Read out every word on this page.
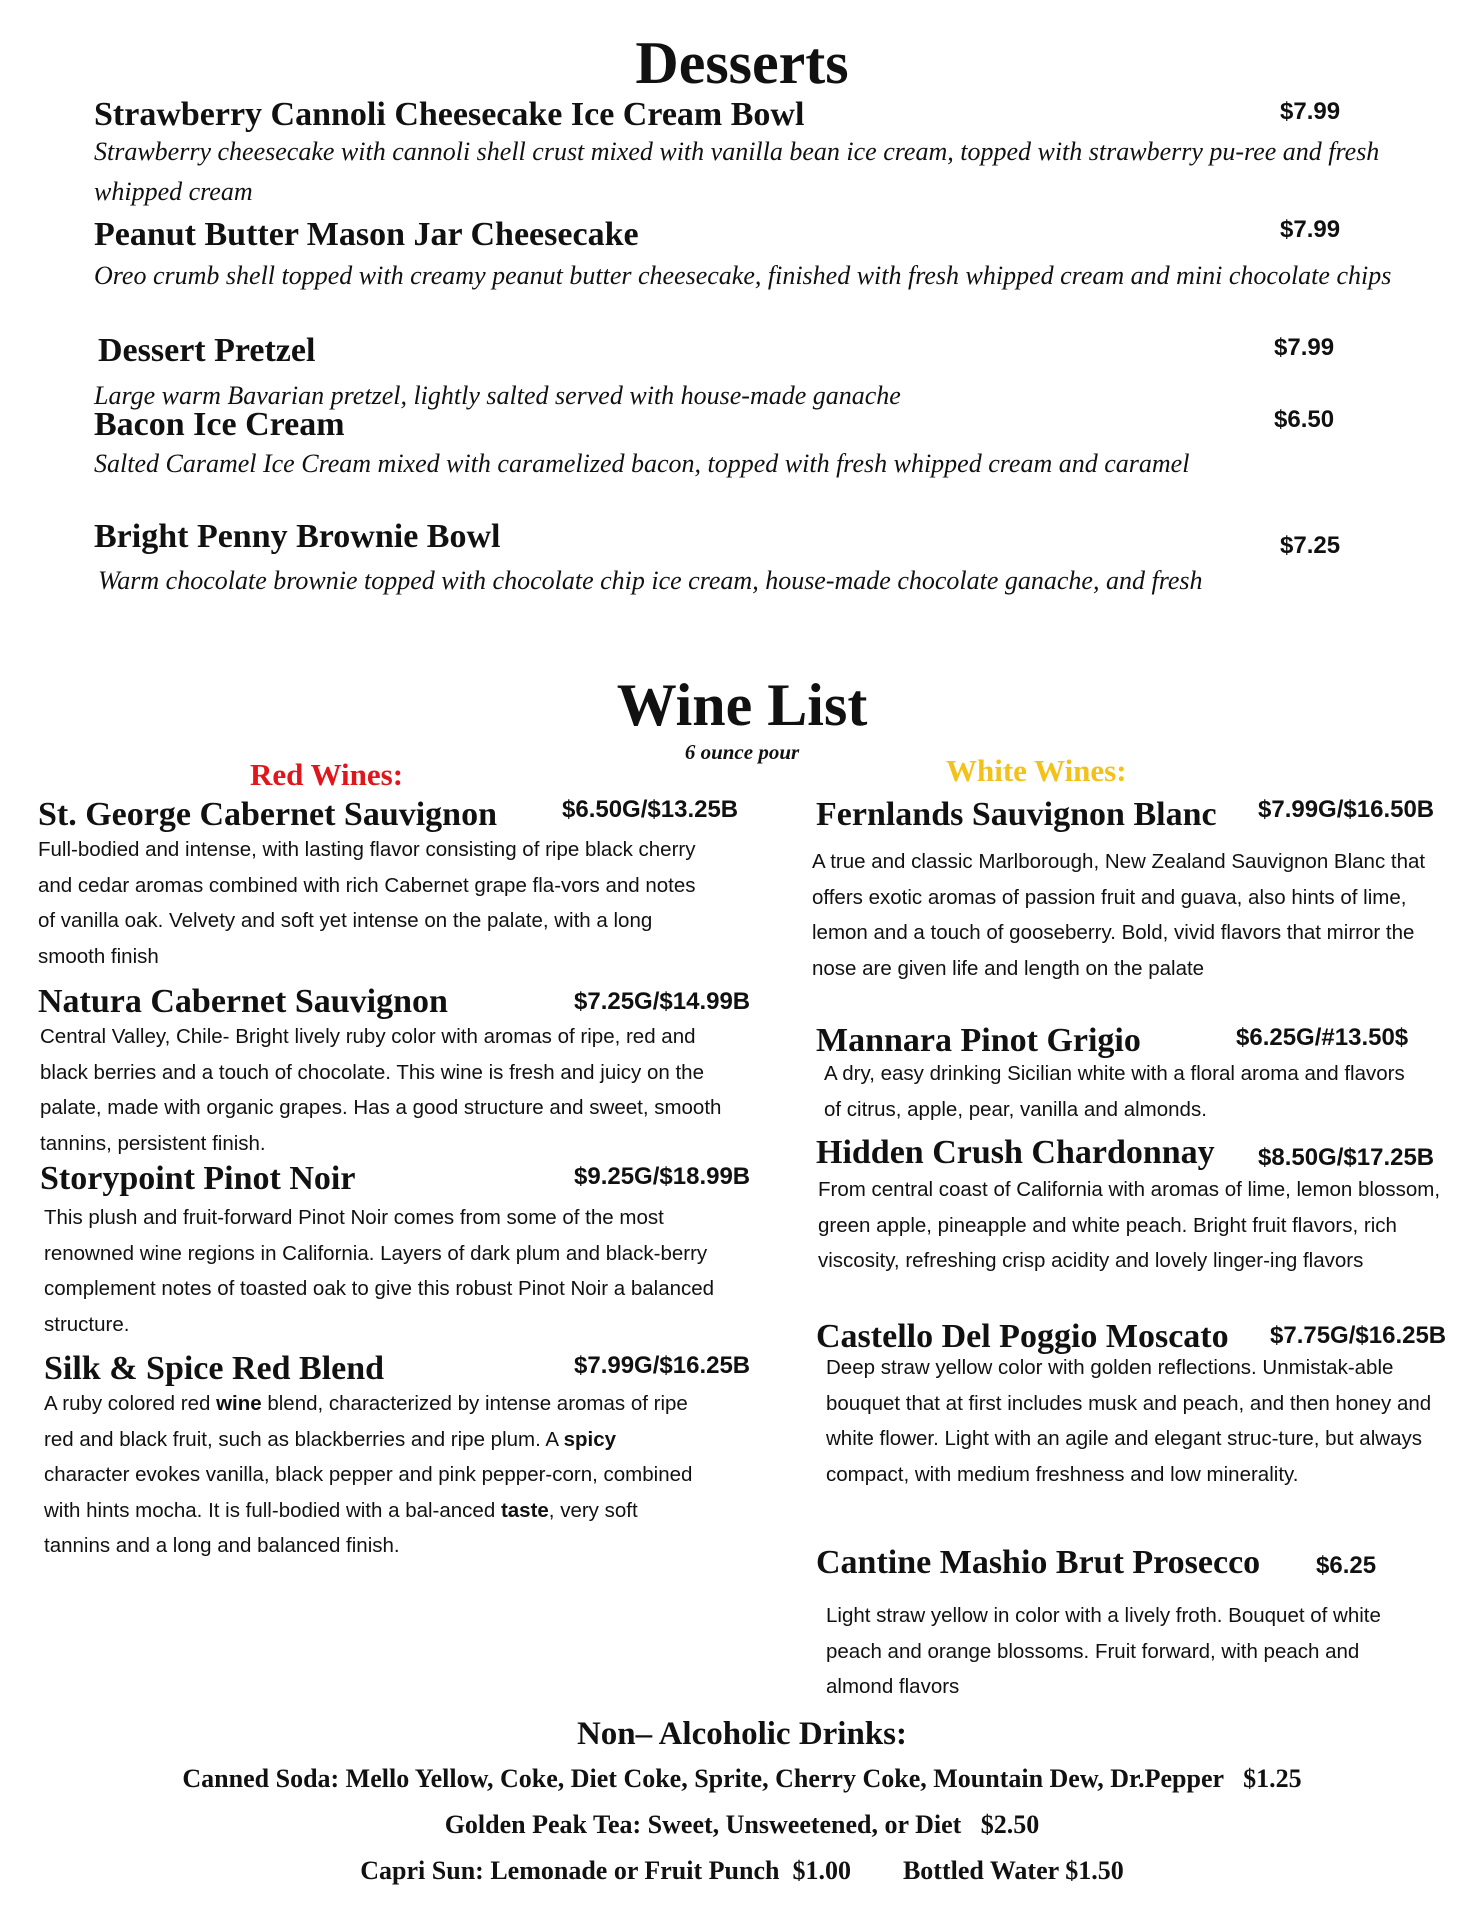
Desserts
Strawberry Cannoli Cheesecake Ice Cream Bowl	$7.99
Strawberry cheesecake with cannoli shell crust mixed with vanilla bean ice cream, topped with strawberry pu-ree and fresh whipped cream
Peanut Butter Mason Jar Cheesecake	$7.99
Oreo crumb shell topped with creamy peanut butter cheesecake, finished with fresh whipped cream and mini chocolate chips
Dessert Pretzel	$7.99
Large warm Bavarian pretzel, lightly salted served with house-made ganache
Bacon Ice Cream	$6.50
Salted Caramel Ice Cream mixed with caramelized bacon, topped with fresh whipped cream and caramel
Bright Penny Brownie Bowl	$7.25
Warm chocolate brownie topped with chocolate chip ice cream, house-made chocolate ganache, and fresh
Wine List
6 ounce pour
Red Wines:	White Wines:
St. George Cabernet Sauvignon	$6.50G/$13.25B
Full-bodied and intense, with lasting flavor consisting of ripe black cherry and cedar aromas combined with rich Cabernet grape fla-vors and notes of vanilla oak. Velvety and soft yet intense on the palate, with a long smooth finish
Natura Cabernet Sauvignon	$7.25G/$14.99B
Central Valley, Chile- Bright lively ruby color with aromas of ripe, red and black berries and a touch of chocolate. This wine is fresh and juicy on the palate, made with organic grapes. Has a good structure and sweet, smooth tannins, persistent finish.
Storypoint Pinot Noir	$9.25G/$18.99B
This plush and fruit-forward Pinot Noir comes from some of the most renowned wine regions in California. Layers of dark plum and black-berry complement notes of toasted oak to give this robust Pinot Noir a balanced structure.
Silk & Spice Red Blend	$7.99G/$16.25B
A ruby colored red wine blend, characterized by intense aromas of ripe red and black fruit, such as blackberries and ripe plum. A spicy character evokes vanilla, black pepper and pink pepper-corn, combined with hints mocha. It is full-bodied with a bal-anced taste, very soft tannins and a long and balanced finish.
Fernlands Sauvignon Blanc $7.99G/$16.50B
A true and classic Marlborough, New Zealand Sauvignon Blanc that offers exotic aromas of passion fruit and guava, also hints of lime, lemon and a touch of gooseberry. Bold, vivid flavors that mirror the nose are given life and length on the palate
Mannara Pinot Grigio	$6.25G/#13.50$
A dry, easy drinking Sicilian white with a floral aroma and flavors of citrus, apple, pear, vanilla and almonds.
Hidden Crush Chardonnay $8.50G/$17.25B
From central coast of California with aromas of lime, lemon blossom, green apple, pineapple and white peach. Bright fruit flavors, rich viscosity, refreshing crisp acidity and lovely linger-ing flavors
Castello Del Poggio Moscato $7.75G/$16.25B
Deep straw yellow color with golden reflections. Unmistak-able bouquet that at first includes musk and peach, and then honey and white flower. Light with an agile and elegant struc-ture, but always compact, with medium freshness and low minerality.
Cantine Mashio Brut Prosecco $6.25
Light straw yellow in color with a lively froth. Bouquet of white peach and orange blossoms. Fruit forward, with peach and almond flavors
Non– Alcoholic Drinks:
Canned Soda: Mello Yellow, Coke, Diet Coke, Sprite, Cherry Coke, Mountain Dew, Dr.Pepper   $1.25
Golden Peak Tea: Sweet, Unsweetened, or Diet   $2.50
Capri Sun: Lemonade or Fruit Punch  $1.00        Bottled Water $1.50
